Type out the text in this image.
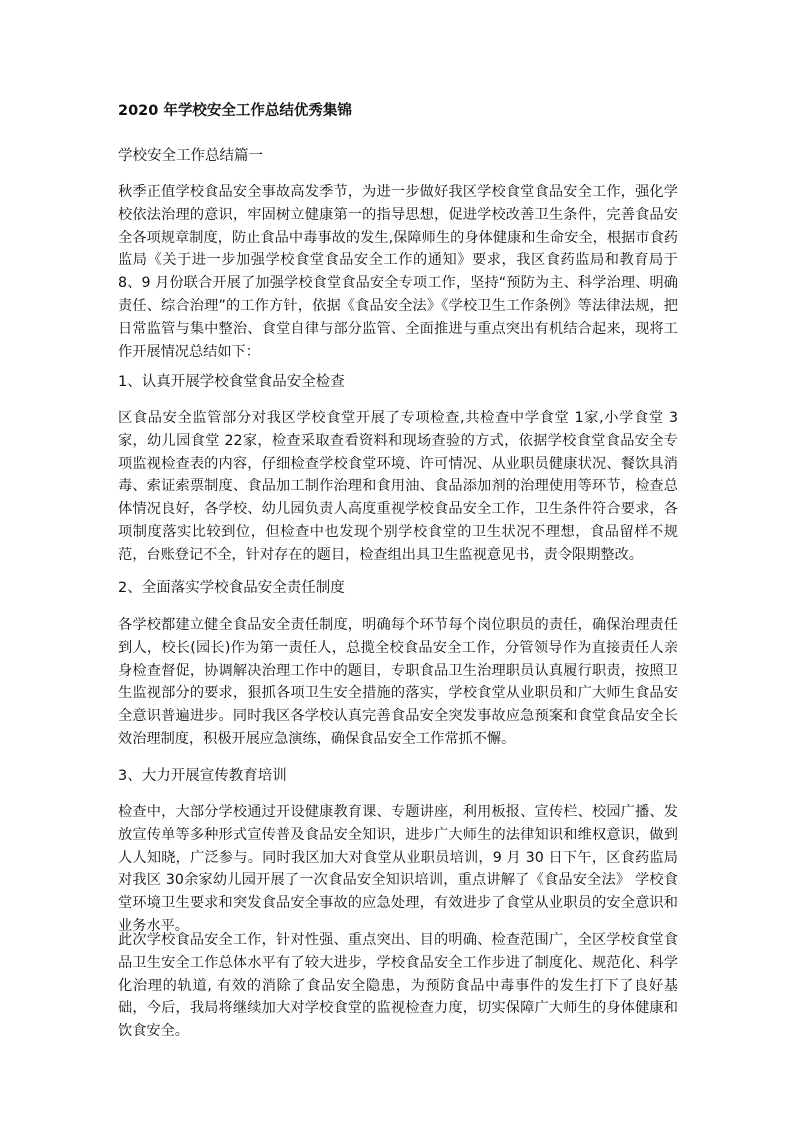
2020 年学校安全工作总结优秀集锦
学校安全工作总结篇一

秋季正值学校食品安全事故高发季节，为进一步做好我区学校食堂食品安全工作，强化学校依法治理的意识，牢固树立健康第一的指导思想，促进学校改善卫生条件，完善食品安全各项规章制度，防止食品中毒事故的发生,保障师生的身体健康和生命安全，根据市食药监局《关于进一步加强学校食堂食品安全工作的通知》要求，我区食药监局和教育局于 8、9 月份联合开展了加强学校食堂食品安全专项工作，坚持“预防为主、科学治理、明确责任、综合治理”的工作方针，依据《食品安全法》《学校卫生工作条例》等法律法规，把日常监管与集中整治、食堂自律与部分监管、全面推进与重点突出有机结合起来，现将工作开展情况总结如下：

1、认真开展学校食堂食品安全检查

区食品安全监管部分对我区学校食堂开展了专项检查,共检查中学食堂 1家,小学食堂 3家，幼儿园食堂 22家，检查采取查看资料和现场查验的方式，依据学校食堂食品安全专项监视检查表的内容，仔细检查学校食堂环境、许可情况、从业职员健康状况、餐饮具消毒、索证索票制度、食品加工制作治理和食用油、食品添加剂的治理使用等环节，检查总体情况良好，各学校、幼儿园负责人高度重视学校食品安全工作，卫生条件符合要求，各项制度落实比较到位，但检查中也发现个别学校食堂的卫生状况不理想，食品留样不规范，台账登记不全，针对存在的题目，检查组出具卫生监视意见书，责令限期整改。

2、全面落实学校食品安全责任制度

各学校都建立健全食品安全责任制度，明确每个环节每个岗位职员的责任，确保治理责任到人，校长(园长)作为第一责任人，总揽全校食品安全工作，分管领导作为直接责任人亲身检查督促，协调解决治理工作中的题目，专职食品卫生治理职员认真履行职责，按照卫生监视部分的要求，狠抓各项卫生安全措施的落实，学校食堂从业职员和广大师生食品安全意识普遍进步。同时我区各学校认真完善食品安全突发事故应急预案和食堂食品安全长效治理制度，积极开展应急演练，确保食品安全工作常抓不懈。

3、大力开展宣传教育培训

检查中，大部分学校通过开设健康教育课、专题讲座，利用板报、宣传栏、校园广播、发放宣传单等多种形式宣传普及食品安全知识，进步广大师生的法律知识和维权意识，做到人人知晓，广泛参与。同时我区加大对食堂从业职员培训，9 月 30 日下午，区食药监局对我区 30余家幼儿园开展了一次食品安全知识培训，重点讲解了《食品安全法》 学校食堂环境卫生要求和突发食品安全事故的应急处理，有效进步了食堂从业职员的安全意识和业务水平。

此次学校食品安全工作，针对性强、重点突出、目的明确、检查范围广，全区学校食堂食品卫生安全工作总体水平有了较大进步，学校食品安全工作步进了制度化、规范化、科学化治理的轨道, 有效的消除了食品安全隐患，为预防食品中毒事件的发生打下了良好基础，今后，我局将继续加大对学校食堂的监视检查力度，切实保障广大师生的身体健康和饮食安全。
